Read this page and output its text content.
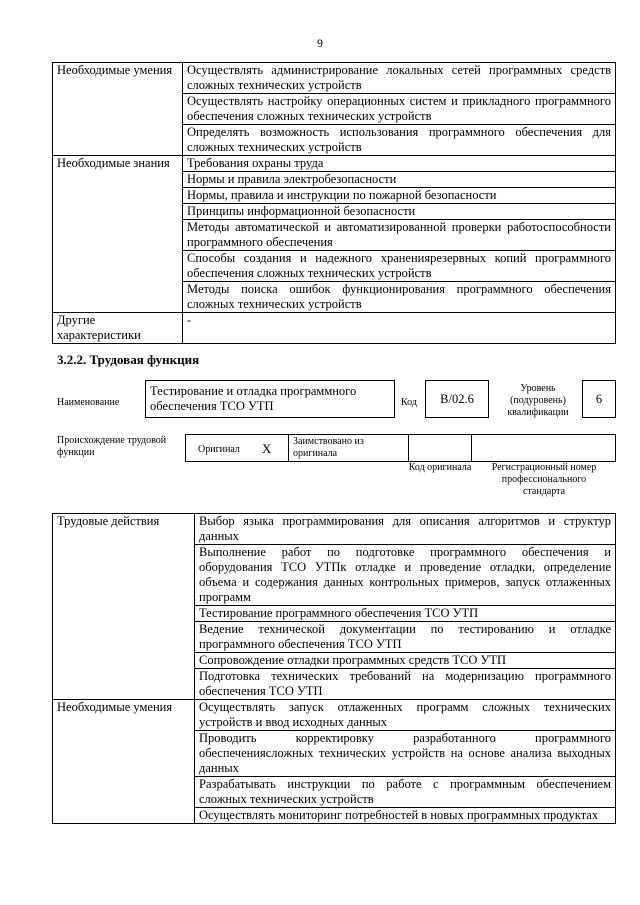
9
Необходимые умения	Осуществлять администрирование локальных сетей программных средств сложных технических устройств
	Осуществлять настройку операционных систем и прикладного программного обеспечения сложных технических устройств
	Определять возможность использования программного обеспечения для сложных технических устройств
Необходимые знания	Требования охраны труда
	Нормы и правила электробезопасности
	Нормы, правила и инструкции по пожарной безопасности
	Принципы информационной безопасности
	Методы автоматической и автоматизированной проверки работоспособности программного обеспечения
	Способы создания и надежного хранениярезервных копий программного обеспечения сложных технических устройств
	Методы поиска ошибок функционирования программного обеспечения сложных технических устройств
Другие характеристики	-
3.2.2. Трудовая функция
Наименование
Тестирование и отладка программного обеспечения ТСО УТП	Код	B/02.6
Уровень (подуровень) квалификации
6
Происхождение трудовой функции	Оригинал X Заимствовано из оригинала
Код оригинала	Регистрационный номер профессионального стандарта
Трудовые действия	Выбор языка программирования для описания алгоритмов и структур данных
	Выполнение работ по подготовке программного обеспечения и оборудования ТСО УТПк отладке и проведение отладки, определение объема и содержания данных контрольных примеров, запуск отлаженных программ
	Тестирование программного обеспечения ТСО УТП
	Ведение технической документации по тестированию и отладке программного обеспечения ТСО УТП
	Сопровождение отладки программных средств ТСО УТП
	Подготовка технических требований на модернизацию программного обеспечения ТСО УТП
Необходимые умения	Осуществлять запуск отлаженных программ сложных технических устройств и ввод исходных данных
	Проводить корректировку разработанного программного обеспечениясложных технических устройств на основе анализа выходных данных
	Разрабатывать инструкции по работе с программным обеспечением сложных технических устройств
	Осуществлять мониторинг потребностей в новых программных продуктах
